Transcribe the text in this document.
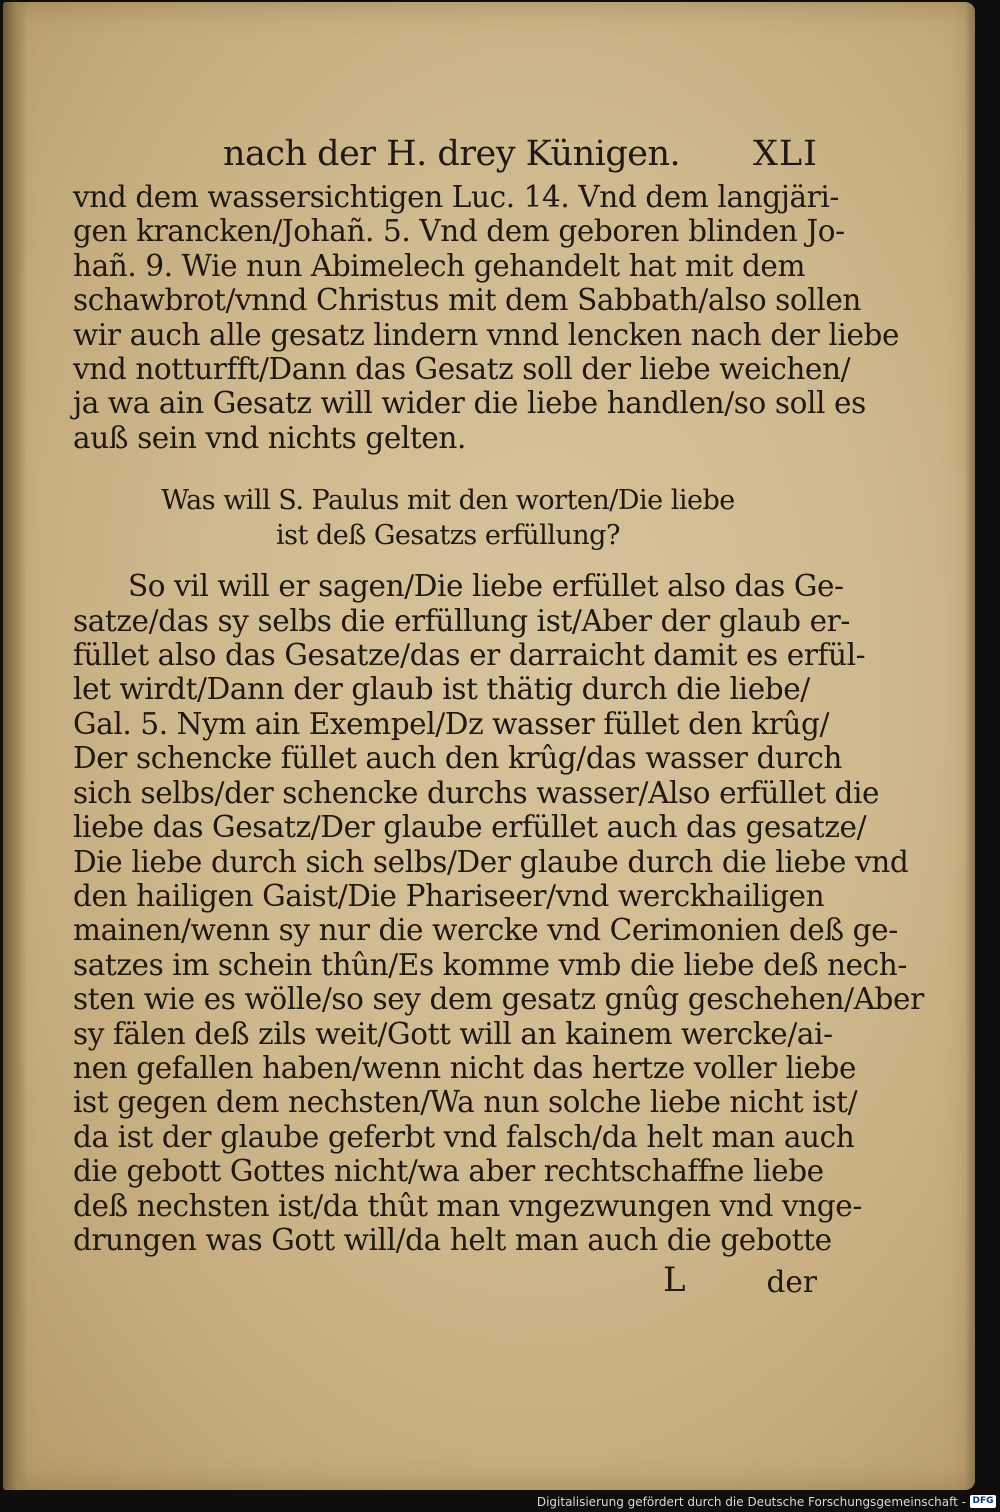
nach der H. drey Künigen. XLI
vnd dem wassersichtigen Luc. 14. Vnd dem langjäri-
gen krancken/Johañ. 5. Vnd dem geboren blinden Jo-
hañ. 9. Wie nun Abimelech gehandelt hat mit dem
schawbrot/vnnd Christus mit dem Sabbath/also sollen
wir auch alle gesatz lindern vnnd lencken nach der liebe
vnd notturfft/Dann das Gesatz soll der liebe weichen/
ja wa ain Gesatz will wider die liebe handlen/so soll es
auß sein vnd nichts gelten.
Was will S. Paulus mit den worten/Die liebe
ist deß Gesatzs erfüllung?
So vil will er sagen/Die liebe erfüllet also das Ge-
satze/das sy selbs die erfüllung ist/Aber der glaub er-
füllet also das Gesatze/das er darraicht damit es erfül-
let wirdt/Dann der glaub ist thätig durch die liebe/
Gal. 5. Nym ain Exempel/Dz wasser füllet den krûg/
Der schencke füllet auch den krûg/das wasser durch
sich selbs/der schencke durchs wasser/Also erfüllet die
liebe das Gesatz/Der glaube erfüllet auch das gesatze/
Die liebe durch sich selbs/Der glaube durch die liebe vnd
den hailigen Gaist/Die Phariseer/vnd werckhailigen
mainen/wenn sy nur die wercke vnd Cerimonien deß ge-
satzes im schein thûn/Es komme vmb die liebe deß nech-
sten wie es wölle/so sey dem gesatz gnûg geschehen/Aber
sy fälen deß zils weit/Gott will an kainem wercke/ai-
nen gefallen haben/wenn nicht das hertze voller liebe
ist gegen dem nechsten/Wa nun solche liebe nicht ist/
da ist der glaube geferbt vnd falsch/da helt man auch
die gebott Gottes nicht/wa aber rechtschaffne liebe
deß nechsten ist/da thût man vngezwungen vnd vnge-
drungen was Gott will/da helt man auch die gebotte
L	der
Digitalisierung gefördert durch die Deutsche Forschungsgemeinschaft - DFG
